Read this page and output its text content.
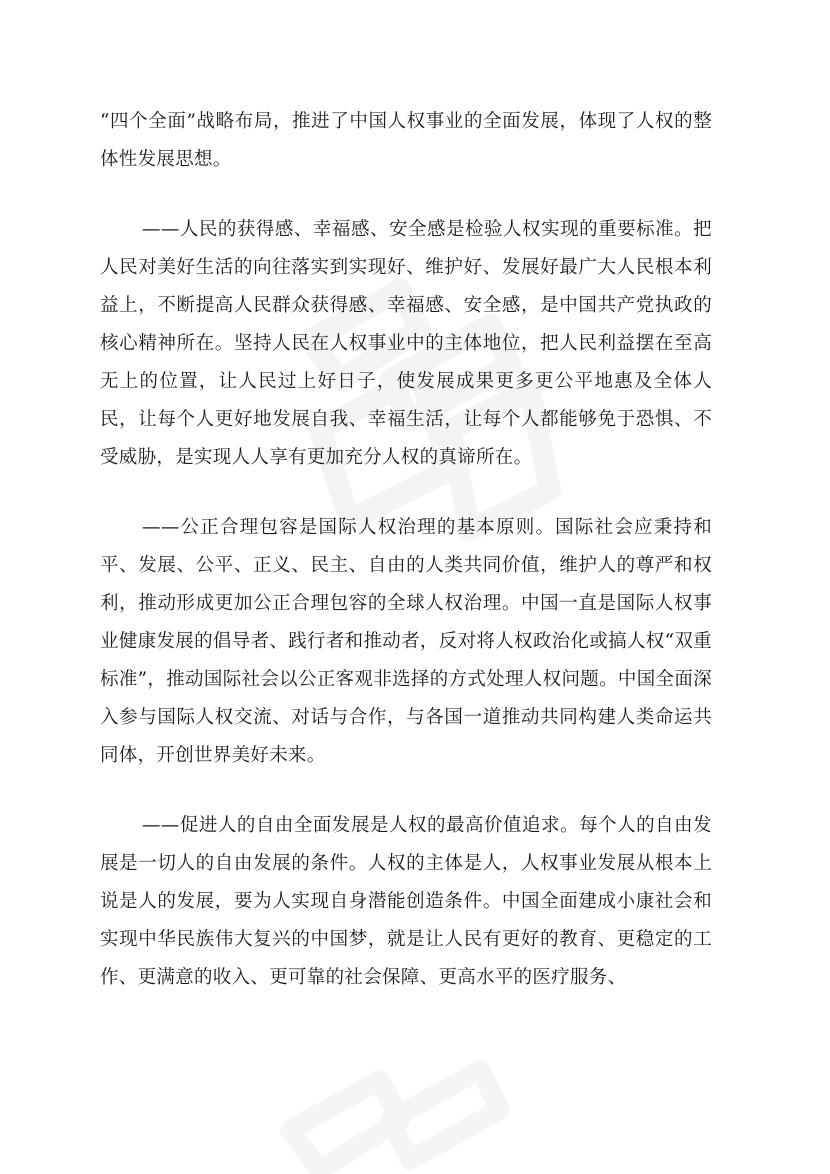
“四个全面”战略布局，推进了中国人权事业的全面发展，体现了人权的整体性发展思想。

——人民的获得感、幸福感、安全感是检验人权实现的重要标准。把人民对美好生活的向往落实到实现好、维护好、发展好最广大人民根本利益上，不断提高人民群众获得感、幸福感、安全感，是中国共产党执政的核心精神所在。坚持人民在人权事业中的主体地位，把人民利益摆在至高无上的位置，让人民过上好日子，使发展成果更多更公平地惠及全体人民，让每个人更好地发展自我、幸福生活，让每个人都能够免于恐惧、不受威胁，是实现人人享有更加充分人权的真谛所在。

——公正合理包容是国际人权治理的基本原则。国际社会应秉持和平、发展、公平、正义、民主、自由的人类共同价值，维护人的尊严和权利，推动形成更加公正合理包容的全球人权治理。中国一直是国际人权事业健康发展的倡导者、践行者和推动者，反对将人权政治化或搞人权“双重标准”，推动国际社会以公正客观非选择的方式处理人权问题。中国全面深入参与国际人权交流、对话与合作，与各国一道推动共同构建人类命运共同体，开创世界美好未来。

——促进人的自由全面发展是人权的最高价值追求。每个人的自由发展是一切人的自由发展的条件。人权的主体是人，人权事业发展从根本上说是人的发展，要为人实现自身潜能创造条件。中国全面建成小康社会和实现中华民族伟大复兴的中国梦，就是让人民有更好的教育、更稳定的工作、更满意的收入、更可靠的社会保障、更高水平的医疗服务、
